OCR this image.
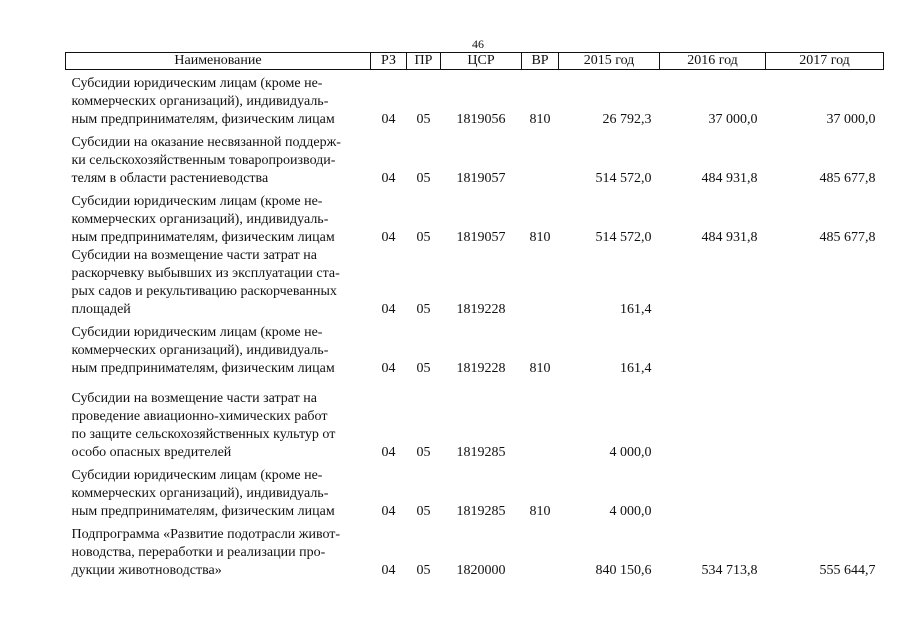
46
Наименование	РЗ	ПР	ЦСР	ВР	2015 год	2016 год	2017 год

Субсидии юридическим лицам (кроме не-
коммерческих организаций), индивидуаль-
ным предпринимателям, физическим лицам	04	05	1819056	810	26 792,3	37 000,0	37 000,0

Субсидии на оказание несвязанной поддерж-
ки сельскохозяйственным товаропроизводи-
телям в области растениеводства	04	05	1819057		514 572,0	484 931,8	485 677,8

Субсидии юридическим лицам (кроме не-
коммерческих организаций), индивидуаль-
ным предпринимателям, физическим лицам	04	05	1819057	810	514 572,0	484 931,8	485 677,8

Субсидии на возмещение части затрат на
раскорчевку выбывших из эксплуатации ста-
рых садов и рекультивацию раскорчеванных
площадей	04	05	1819228		161,4		

Субсидии юридическим лицам (кроме не-
коммерческих организаций), индивидуаль-
ным предпринимателям, физическим лицам	04	05	1819228	810	161,4		

Субсидии на возмещение части затрат на
проведение авиационно-химических работ
по защите сельскохозяйственных культур от
особо опасных вредителей	04	05	1819285		4 000,0		

Субсидии юридическим лицам (кроме не-
коммерческих организаций), индивидуаль-
ным предпринимателям, физическим лицам	04	05	1819285	810	4 000,0		

Подпрограмма «Развитие подотрасли живот-
новодства, переработки и реализации про-
дукции животноводства»	04	05	1820000		840 150,6	534 713,8	555 644,7
